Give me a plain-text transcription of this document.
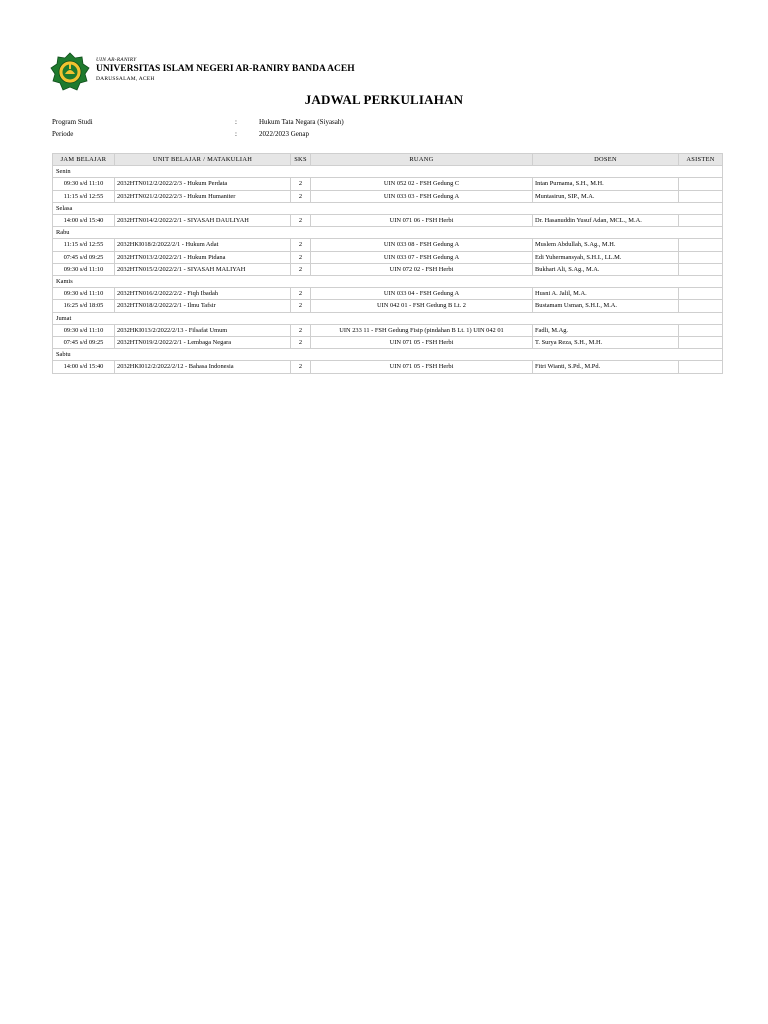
UIN AR-RANIRY
UNIVERSITAS ISLAM NEGERI AR-RANIRY BANDA ACEH
DARUSSALAM, ACEH
JADWAL PERKULIAHAN
Program Studi	:	Hukum Tata Negara (Siyasah)
Periode	:	2022/2023 Genap
JAM BELAJAR	UNIT BELAJAR / MATAKULIAH	SKS	RUANG	DOSEN	ASISTEN
Senin					
09:30 s/d 11:10	2032HTN012/2/2022/2/3 - Hukum Perdata	2	UIN 052 02 - FSH Gedung C	Intan Purnama, S.H., M.H.	
11:15 s/d 12:55	2032HTN021/2/2022/2/3 - Hukum Humaniter	2	UIN 033 03 - FSH Gedung A	Muntasirun, SIP., M.A.	
Selasa					
14:00 s/d 15:40	2032HTN014/2/2022/2/1 - SIYASAH DAULIYAH	2	UIN 071 06 - FSH Herbi	Dr. Hasanuddin Yusuf Adan, MCL., M.A.	
Rabu					
11:15 s/d 12:55	2032HKI018/2/2022/2/1 - Hukum Adat	2	UIN 033 08 - FSH Gedung A	Muslem Abdullah, S.Ag., M.H.	
07:45 s/d 09:25	2032HTN013/2/2022/2/1 - Hukum Pidana	2	UIN 033 07 - FSH Gedung A	Edi Yuhermansyah, S.H.I., LL.M.	
09:30 s/d 11:10	2032HTN015/2/2022/2/1 - SIYASAH MALIYAH	2	UIN 072 02 - FSH Herbi	Bukhari Ali, S.Ag., M.A.	
Kamis					
09:30 s/d 11:10	2032HTN016/2/2022/2/2 - Fiqh Ibadah	2	UIN 033 04 - FSH Gedung A	Husni A. Jalil, M.A.	
16:25 s/d 18:05	2032HTN018/2/2022/2/1 - Ilmu Tafsir	2	UIN 042 01 - FSH Gedung B Lt. 2	Bustamam Usman, S.H.I., M.A.	
Jumat					
09:30 s/d 11:10	2032HKI013/2/2022/2/13 - Filsafat Umum	2	UIN 233 11 - FSH Gedung Fisip (pindahan B Lt. 1) UIN 042 01	Fadli, M.Ag.	
07:45 s/d 09:25	2032HTN019/2/2022/2/1 - Lembaga Negara	2	UIN 071 05 - FSH Herbi	T. Surya Reza, S.H., M.H.	
Sabtu					
14:00 s/d 15:40	2032HKI012/2/2022/2/12 - Bahasa Indonesia	2	UIN 071 05 - FSH Herbi	Fitri Wianti, S.Pd., M.Pd.	
